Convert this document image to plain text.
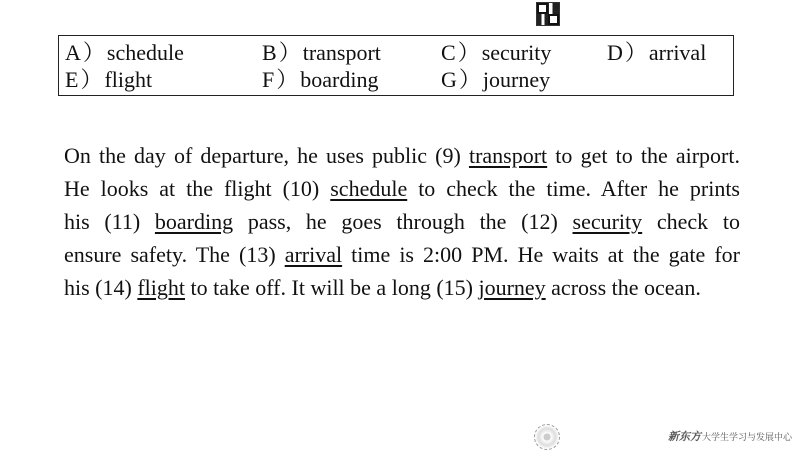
A）schedule	B）transport	C）security	D）arrival
E）flight	F）boarding	G）journey
On the day of departure, he uses public (9) transport to get to the airport.
He looks at the flight (10) schedule to check the time. After he prints
his (11) boarding pass, he goes through the (12) security check to
ensure safety. The (13) arrival time is 2:00 PM. He waits at the gate for
his (14) flight to take off. It will be a long (15) journey across the ocean.
新东方 大学生学习与发展中心
